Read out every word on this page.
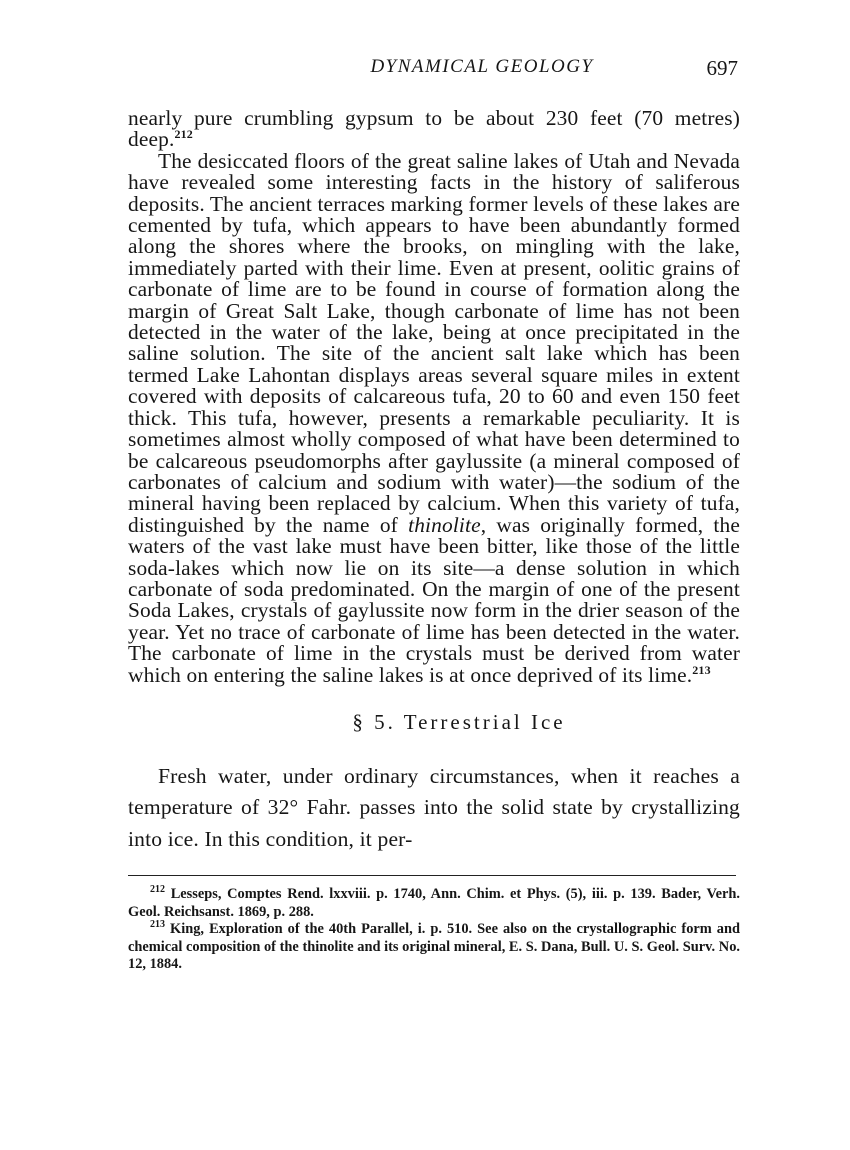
DYNAMICAL GEOLOGY	697

nearly pure crumbling gypsum to be about 230 feet (70 metres) deep.$^{212}$

The desiccated floors of the great saline lakes of Utah and Nevada have revealed some interesting facts in the history of saliferous deposits. The ancient terraces marking former levels of these lakes are cemented by tufa, which appears to have been abundantly formed along the shores where the brooks, on mingling with the lake, immediately parted with their lime. Even at present, oolitic grains of carbonate of lime are to be found in course of formation along the margin of Great Salt Lake, though carbonate of lime has not been detected in the water of the lake, being at once precipitated in the saline solution. The site of the ancient salt lake which has been termed Lake Lahontan displays areas several square miles in extent covered with deposits of calcareous tufa, 20 to 60 and even 150 feet thick. This tufa, however, presents a remarkable peculiarity. It is sometimes almost wholly composed of what have been determined to be calcareous pseudomorphs after gaylussite (a mineral composed of carbonates of calcium and sodium with water)—the sodium of the mineral having been replaced by calcium. When this variety of tufa, distinguished by the name of thinolite, was originally formed, the waters of the vast lake must have been bitter, like those of the little soda-lakes which now lie on its site—a dense solution in which carbonate of soda predominated. On the margin of one of the present Soda Lakes, crystals of gaylussite now form in the drier season of the year. Yet no trace of carbonate of lime has been detected in the water. The carbonate of lime in the crystals must be derived from water which on entering the saline lakes is at once deprived of its lime.$^{213}$

§ 5. Terrestrial Ice

Fresh water, under ordinary circumstances, when it reaches a temperature of 32° Fahr. passes into the solid state by crystallizing into ice. In this condition, it per-

$^{212}$ Lesseps, Comptes Rend. lxxviii. p. 1740, Ann. Chim. et Phys. (5), iii. p. 139. Bader, Verh. Geol. Reichsanst. 1869, p. 288.

$^{213}$ King, Exploration of the 40th Parallel, i. p. 510. See also on the crystallographic form and chemical composition of the thinolite and its original mineral, E. S. Dana, Bull. U. S. Geol. Surv. No. 12, 1884.
